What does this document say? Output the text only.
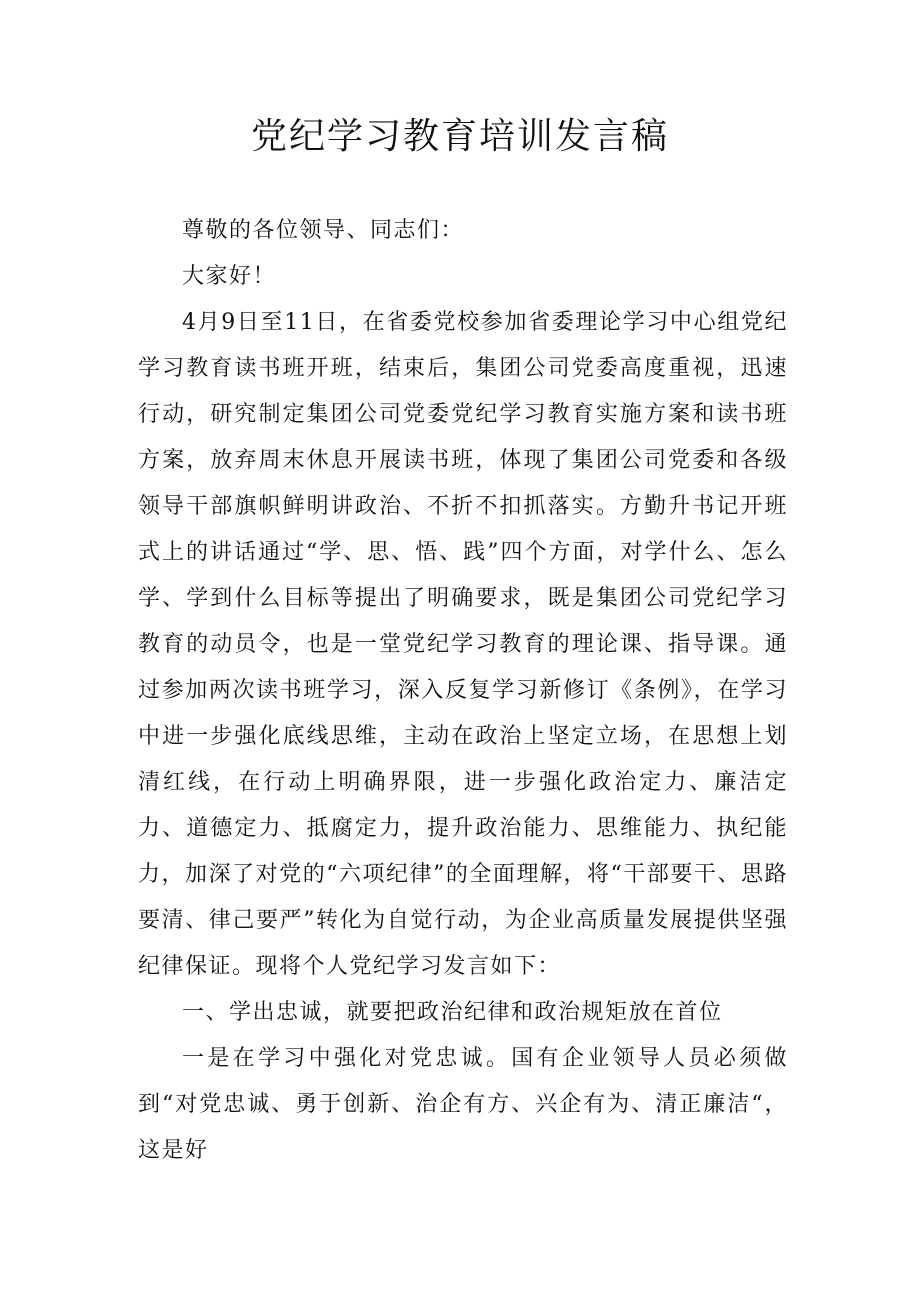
党纪学习教育培训发言稿

尊敬的各位领导、同志们：

大家好！

4月9日至11日，在省委党校参加省委理论学习中心组党纪学习教育读书班开班，结束后，集团公司党委高度重视，迅速行动，研究制定集团公司党委党纪学习教育实施方案和读书班方案，放弃周末休息开展读书班，体现了集团公司党委和各级领导干部旗帜鲜明讲政治、不折不扣抓落实。方勤升书记开班式上的讲话通过“学、思、悟、践”四个方面，对学什么、怎么学、学到什么目标等提出了明确要求，既是集团公司党纪学习教育的动员令，也是一堂党纪学习教育的理论课、指导课。通过参加两次读书班学习，深入反复学习新修订《条例》，在学习中进一步强化底线思维，主动在政治上坚定立场，在思想上划清红线，在行动上明确界限，进一步强化政治定力、廉洁定力、道德定力、抵腐定力，提升政治能力、思维能力、执纪能力，加深了对党的“六项纪律”的全面理解，将“干部要干、思路要清、律己要严”转化为自觉行动，为企业高质量发展提供坚强纪律保证。现将个人党纪学习发言如下：

一、学出忠诚，就要把政治纪律和政治规矩放在首位

一是在学习中强化对党忠诚。国有企业领导人员必须做到“对党忠诚、勇于创新、治企有方、兴企有为、清正廉洁“，这是好
